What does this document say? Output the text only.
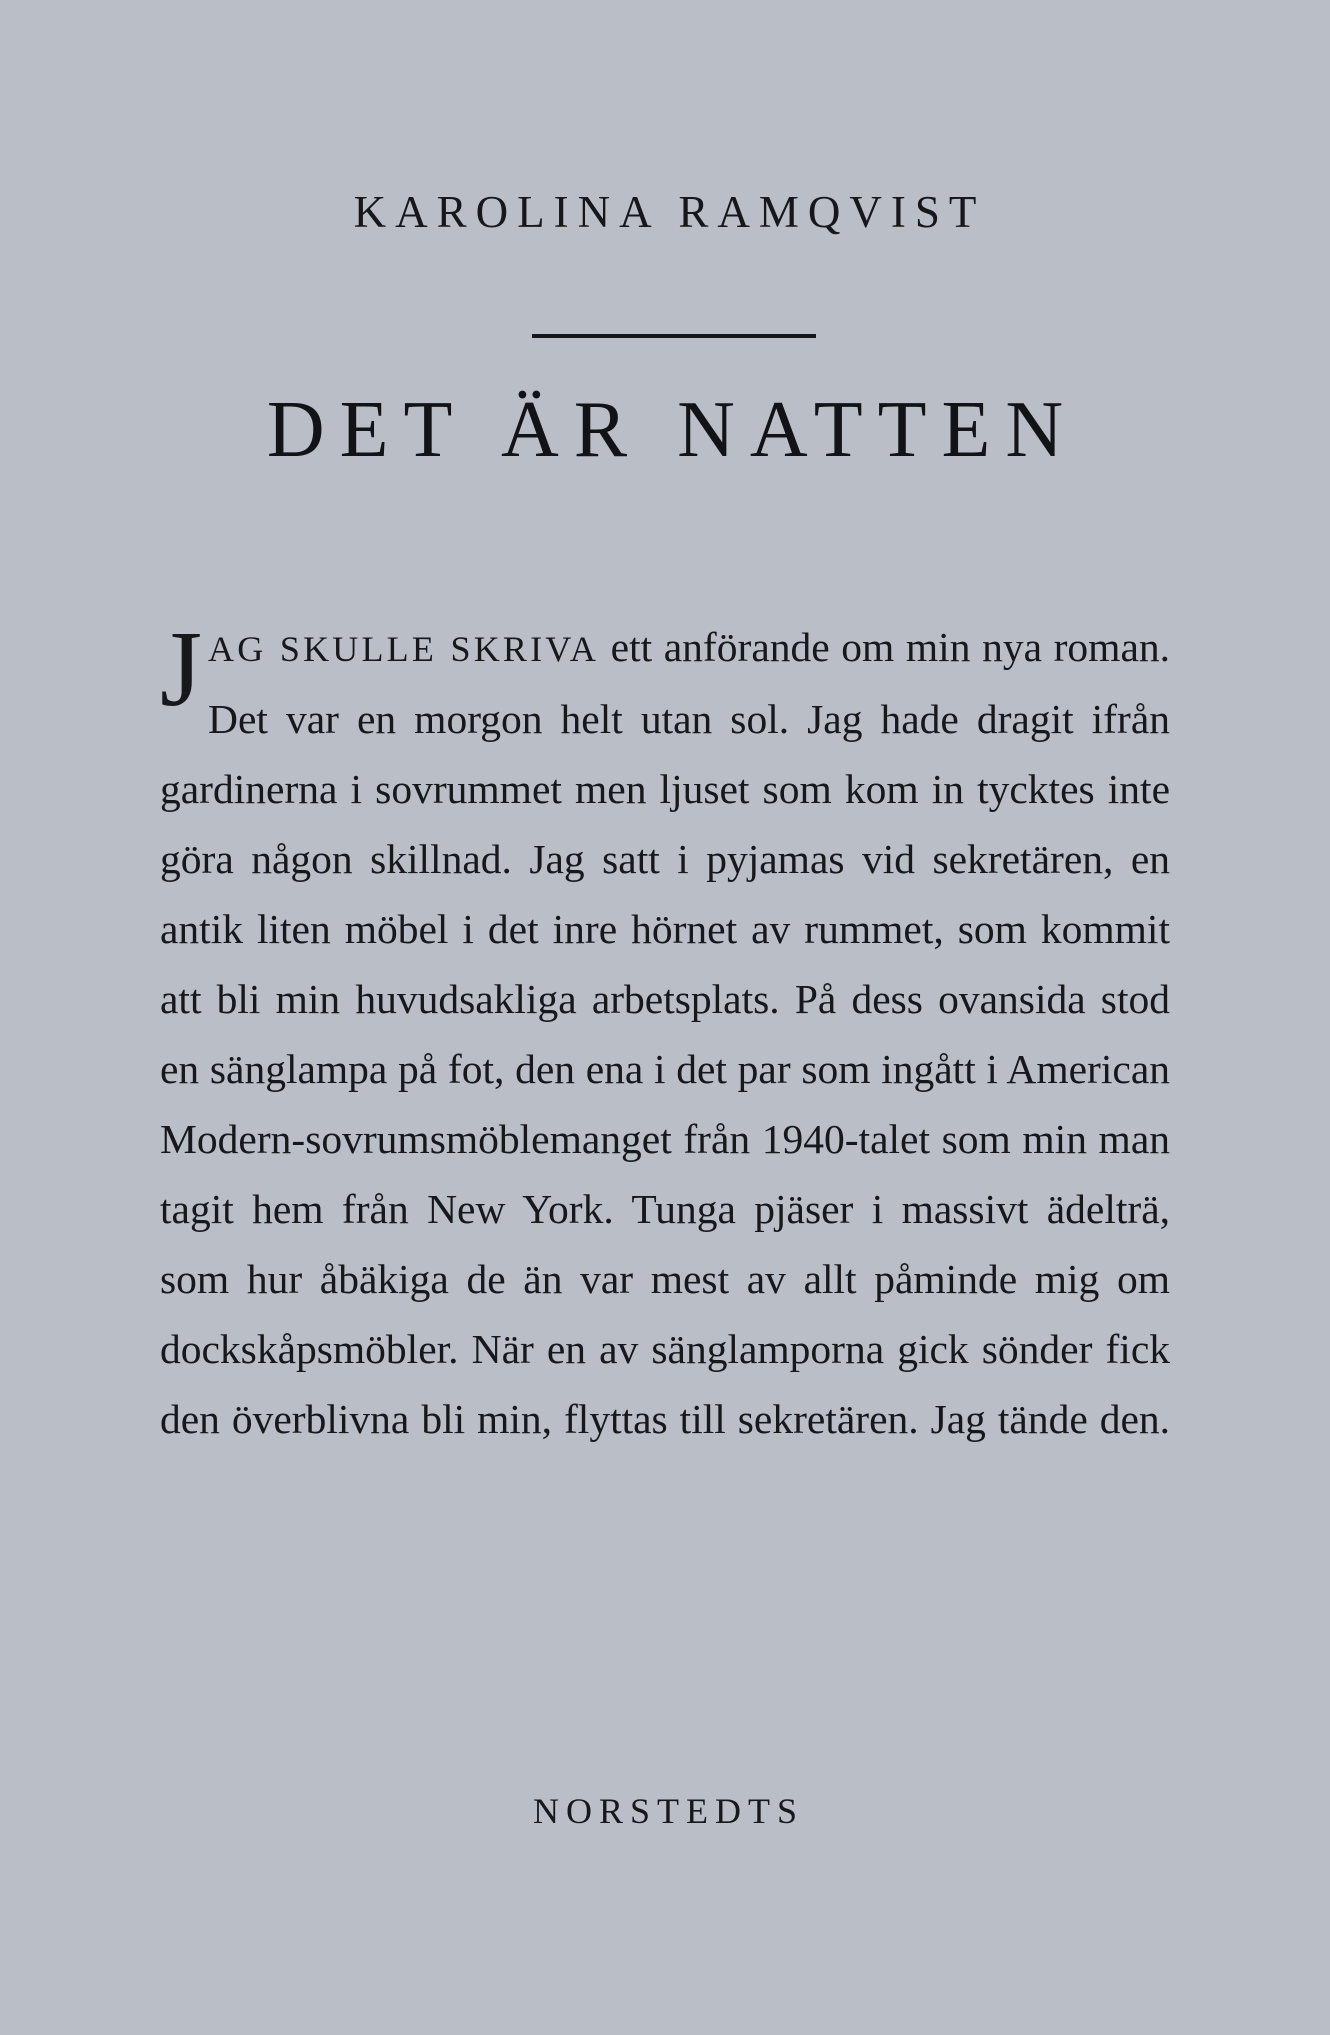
KAROLINA RAMQVIST
DET ÄR NATTEN
JAG SKULLE SKRIVA ett anförande om min nya roman. Det var en morgon helt utan sol. Jag hade dragit ifrån gardinerna i sovrummet men ljuset som kom in tycktes inte göra någon skillnad. Jag satt i pyjamas vid sekretären, en antik liten möbel i det inre hörnet av rummet, som kommit att bli min huvudsakliga arbetsplats. På dess ovansida stod en sänglampa på fot, den ena i det par som ingått i American Modern-sovrumsmöblemanget från 1940-talet som min man tagit hem från New York. Tunga pjäser i massivt ädelträ, som hur åbäkiga de än var mest av allt påminde mig om dockskåpsmöbler. När en av sänglamporna gick sönder fick den överblivna bli min, flyttas till sekretären. Jag tände den.
NORSTEDTS
